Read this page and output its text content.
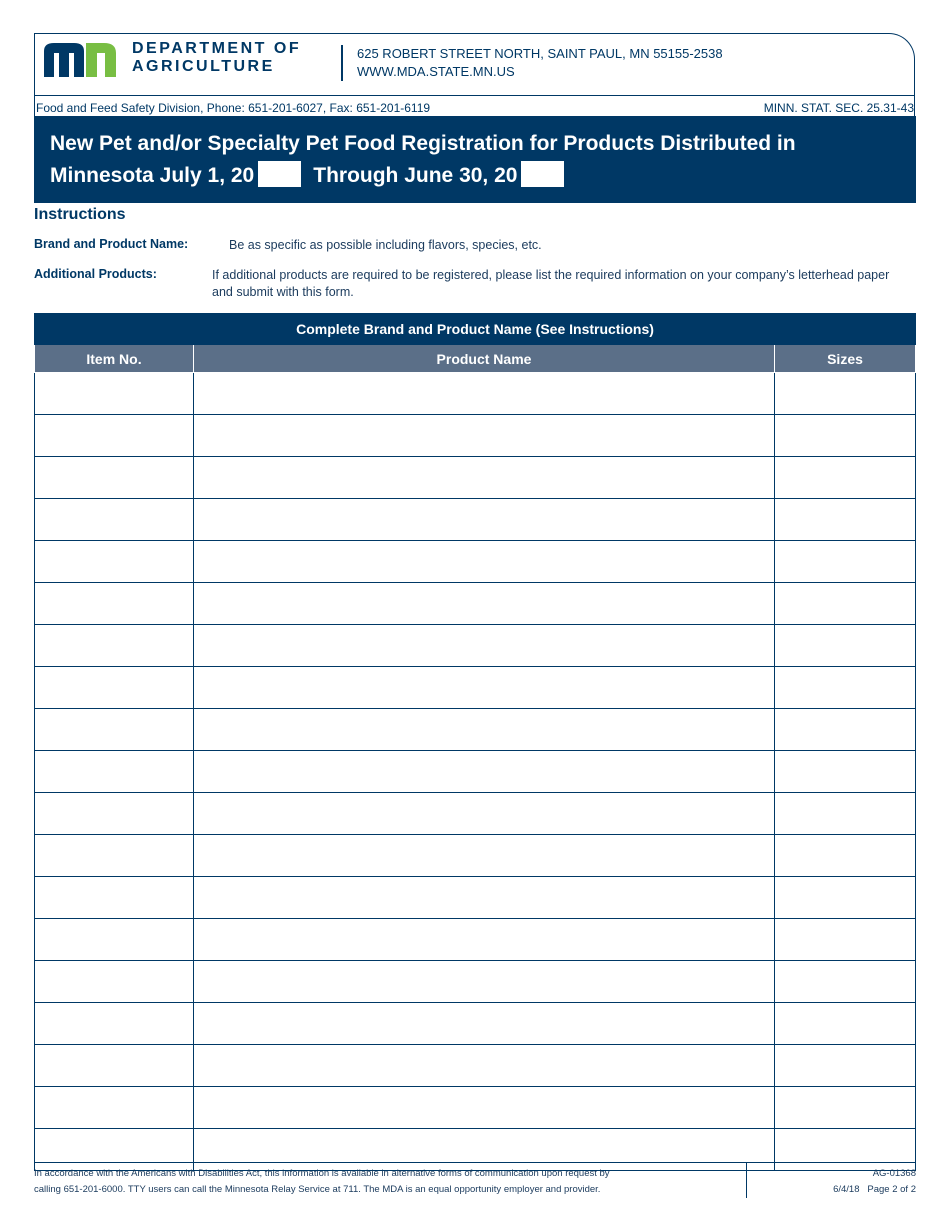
DEPARTMENT OF
AGRICULTURE
625 ROBERT STREET NORTH, SAINT PAUL, MN 55155-2538
WWW.MDA.STATE.MN.US
Food and Feed Safety Division, Phone: 651-201-6027, Fax: 651-201-6119	MINN. STAT. SEC. 25.31-43
New Pet and/or Specialty Pet Food Registration for Products Distributed in
Minnesota July 1, 20	Through June 30, 20
Instructions
Brand and Product Name:	Be as specific as possible including flavors, species, etc.
Additional Products:	If additional products are required to be registered, please list the required information on your company’s letterhead paper and submit with this form.
Complete Brand and Product Name (See Instructions)		
Item No.	Product Name	Sizes

In accordance with the Americans with Disabilities Act, this information is available in alternative forms of communication upon request by
calling 651-201-6000. TTY users can call the Minnesota Relay Service at 711. The MDA is an equal opportunity employer and provider.
AG-01368
6/4/18   Page 2 of 2
